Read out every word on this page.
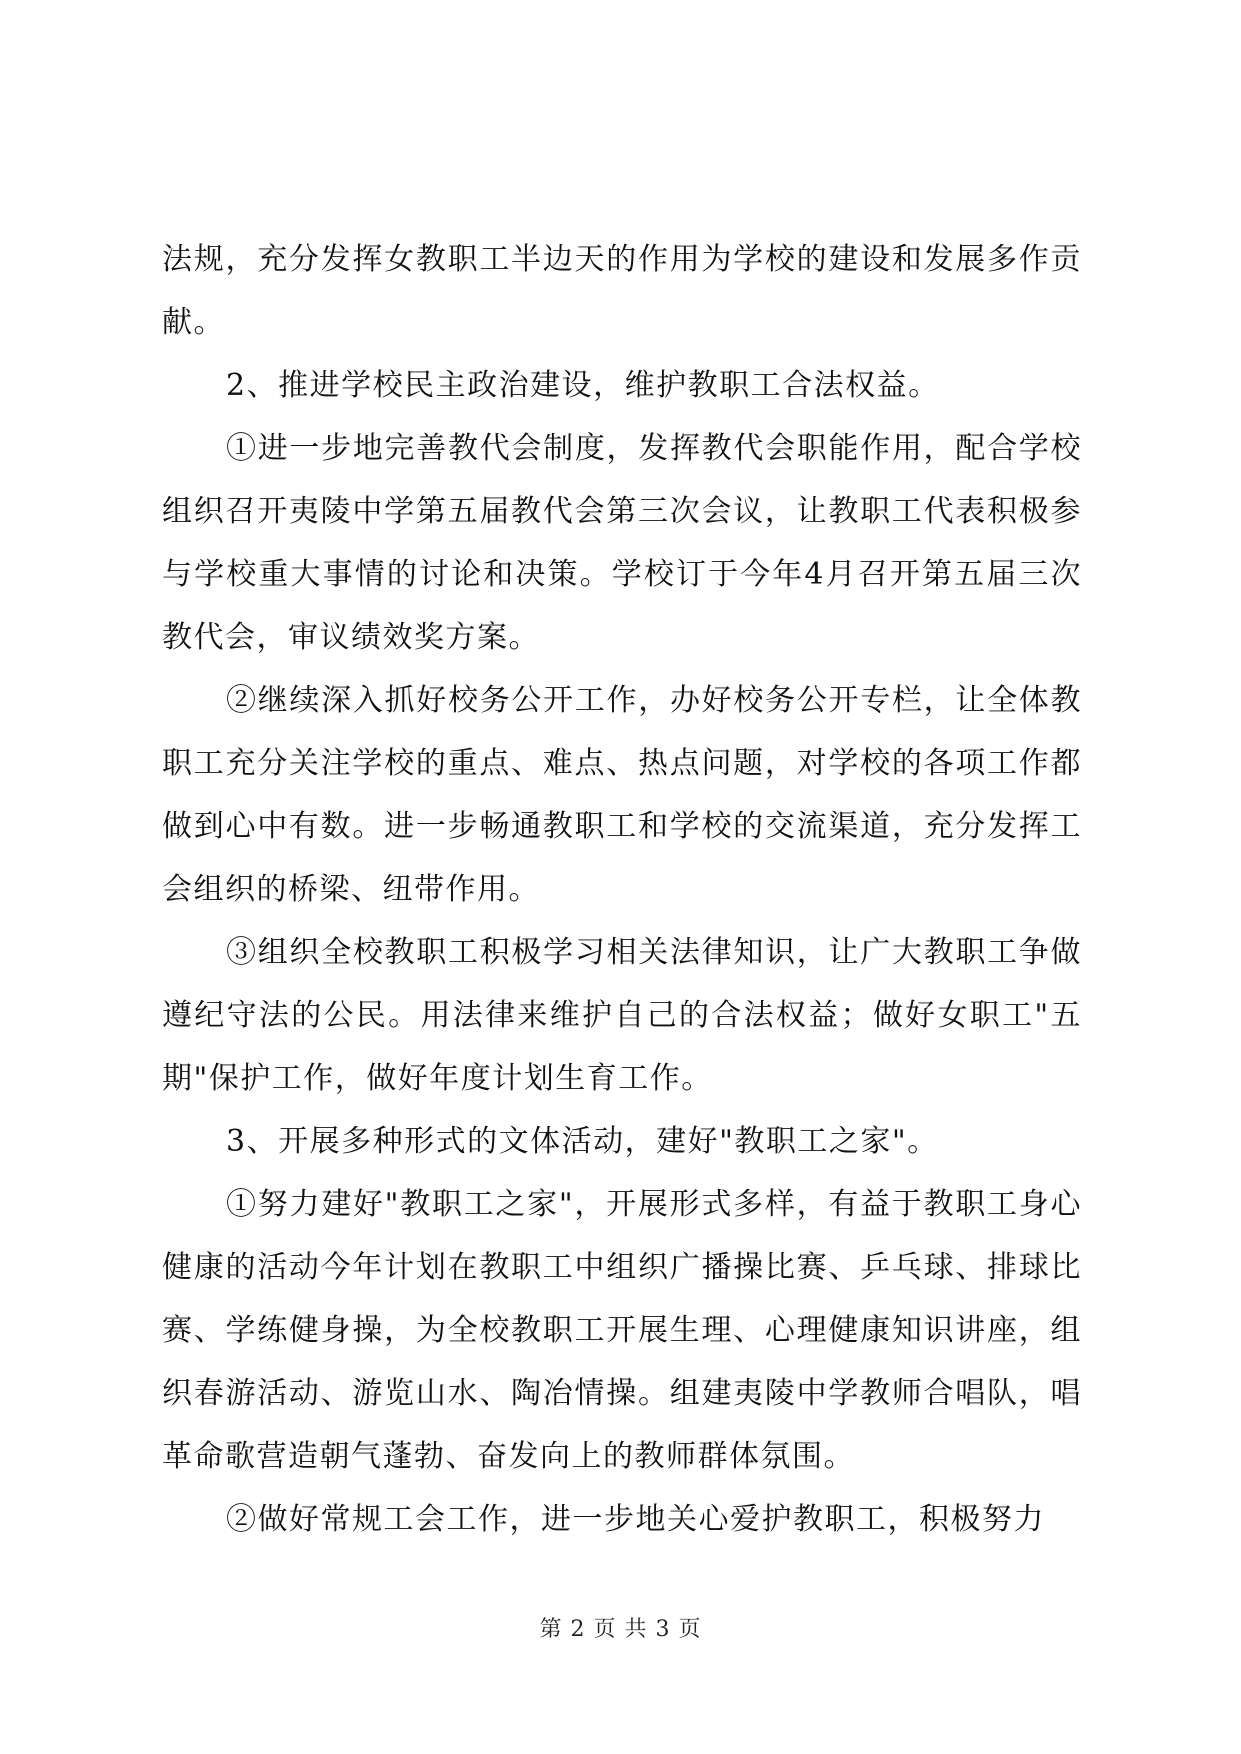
法规，充分发挥女教职工半边天的作用为学校的建设和发展多作贡献。

2、推进学校民主政治建设，维护教职工合法权益。

①进一步地完善教代会制度，发挥教代会职能作用，配合学校组织召开夷陵中学第五届教代会第三次会议，让教职工代表积极参与学校重大事情的讨论和决策。学校订于今年4月召开第五届三次教代会，审议绩效奖方案。

②继续深入抓好校务公开工作，办好校务公开专栏，让全体教职工充分关注学校的重点、难点、热点问题，对学校的各项工作都做到心中有数。进一步畅通教职工和学校的交流渠道，充分发挥工会组织的桥梁、纽带作用。

③组织全校教职工积极学习相关法律知识，让广大教职工争做遵纪守法的公民。用法律来维护自己的合法权益；做好女职工"五期"保护工作，做好年度计划生育工作。

3、开展多种形式的文体活动，建好"教职工之家"。

①努力建好"教职工之家"，开展形式多样，有益于教职工身心健康的活动今年计划在教职工中组织广播操比赛、乒乓球、排球比赛、学练健身操，为全校教职工开展生理、心理健康知识讲座，组织春游活动、游览山水、陶冶情操。组建夷陵中学教师合唱队，唱革命歌营造朝气蓬勃、奋发向上的教师群体氛围。

②做好常规工会工作，进一步地关心爱护教职工，积极努力

第 2 页 共 3 页
